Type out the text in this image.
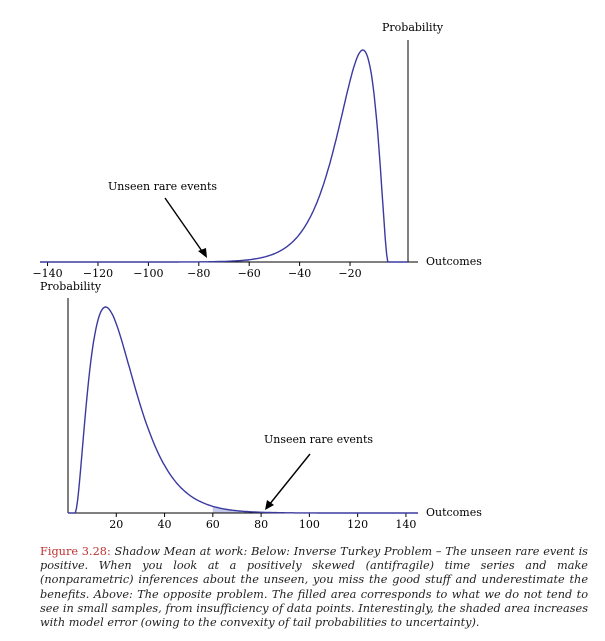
−140 −120 −100 −80 −60 −40 −20
Probability
Outcomes
Unseen rare events
Probability
20	40	60	80	100 120 140
Outcomes
Unseen rare events
Figure 3.28: Shadow Mean at work: Below: Inverse Turkey Problem – The unseen rare event is positive. When you look at a positively skewed (antifragile) time series and make (nonparametric) inferences about the unseen, you miss the good stuff and underestimate the benefits. Above: The opposite problem. The filled area corresponds to what we do not tend to see in small samples, from insufficiency of data points. Interestingly, the shaded area increases with model error (owing to the convexity of tail probabilities to uncertainty).
